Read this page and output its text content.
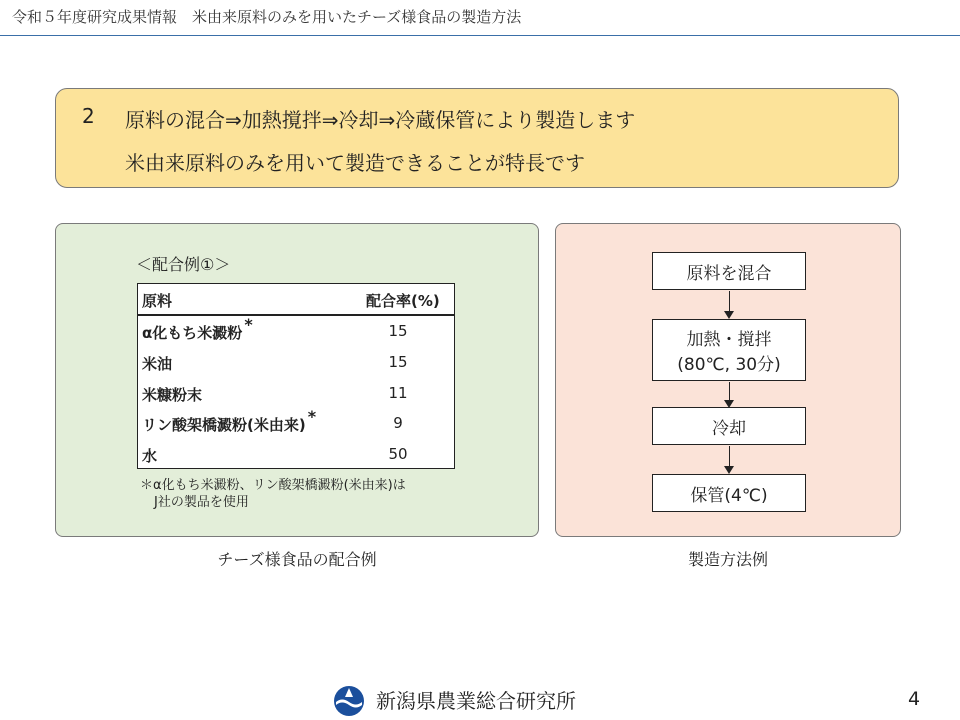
令和５年度研究成果情報　米由来原料のみを用いたチーズ様食品の製造方法
2 原料の混合⇒加熱撹拌⇒冷却⇒冷蔵保管により製造します
米由来原料のみを用いて製造できることが特長です
＜配合例①＞
原料	配合率(%)
α化もち米澱粉 *	15
米油	15
米糠粉末	11
リン酸架橋澱粉(米由来) *	9
水	50
＊α化もち米澱粉、リン酸架橋澱粉(米由来)は
J社の製品を使用
原料を混合
加熱・撹拌
(80℃, 30分)
冷却
保管(4℃)
チーズ様食品の配合例	製造方法例
新潟県農業総合研究所	4
